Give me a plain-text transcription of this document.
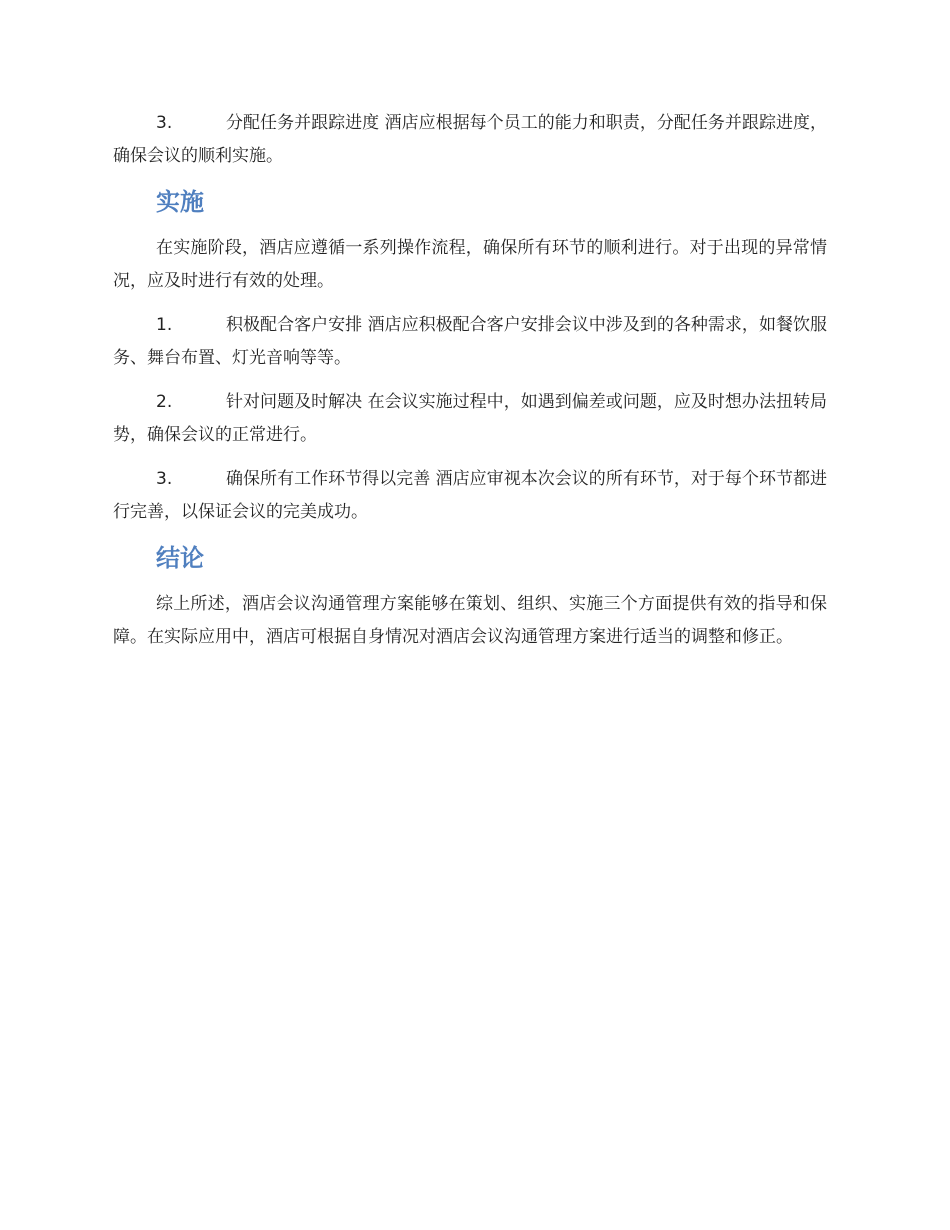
3.	分配任务并跟踪进度 酒店应根据每个员工的能力和职责，分配任务并跟踪进度，确保会议的顺利实施。

实施

在实施阶段，酒店应遵循一系列操作流程，确保所有环节的顺利进行。对于出现的异常情况，应及时进行有效的处理。

1.	积极配合客户安排 酒店应积极配合客户安排会议中涉及到的各种需求，如餐饮服务、舞台布置、灯光音响等等。

2.	针对问题及时解决 在会议实施过程中，如遇到偏差或问题，应及时想办法扭转局势，确保会议的正常进行。

3.	确保所有工作环节得以完善 酒店应审视本次会议的所有环节，对于每个环节都进行完善，以保证会议的完美成功。

结论

综上所述，酒店会议沟通管理方案能够在策划、组织、实施三个方面提供有效的指导和保障。在实际应用中，酒店可根据自身情况对酒店会议沟通管理方案进行适当的调整和修正。
